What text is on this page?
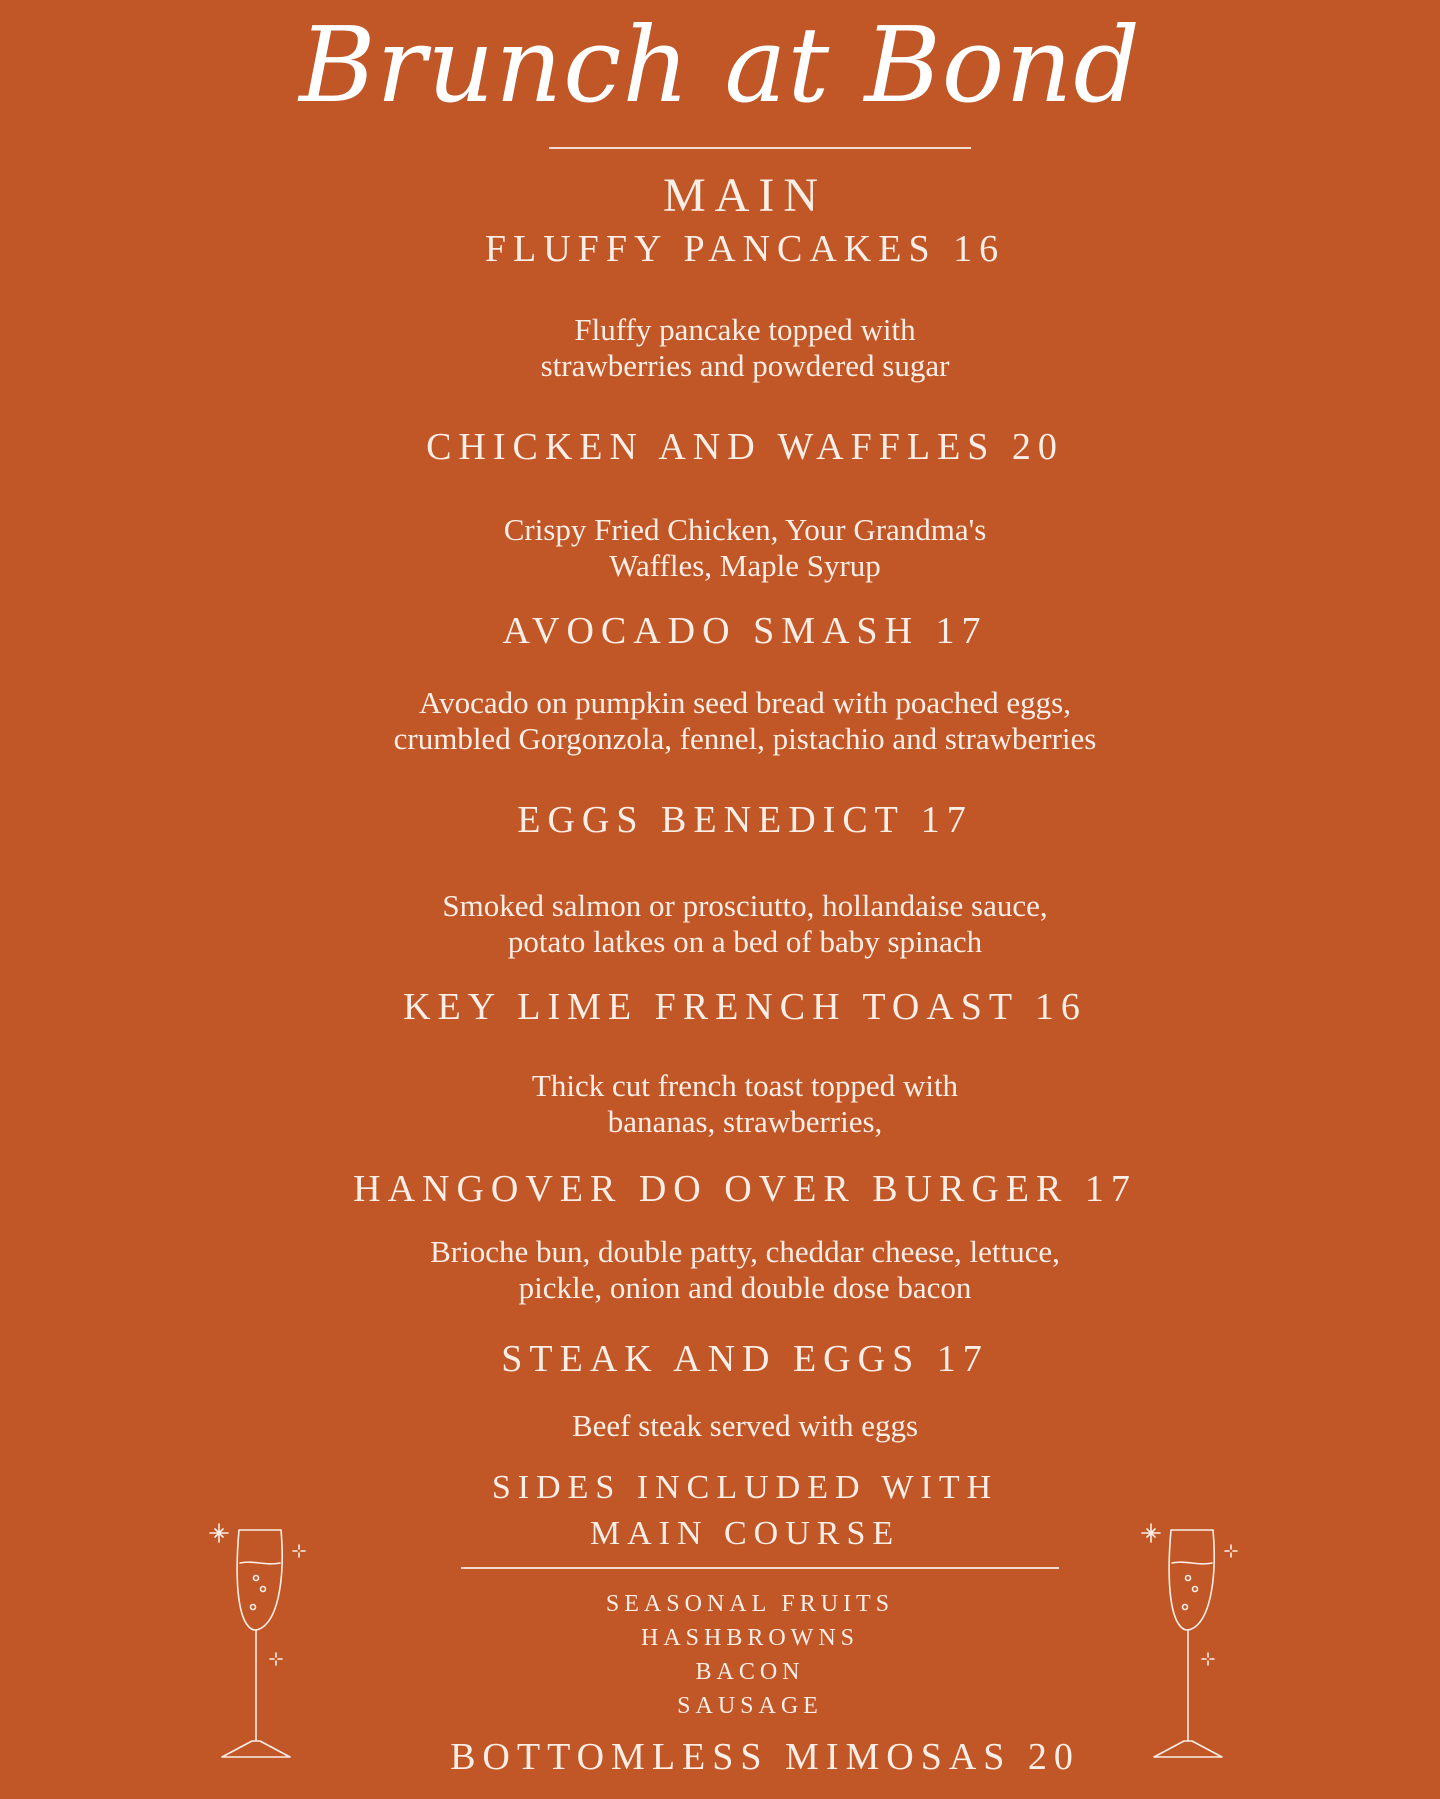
Brunch at Bond
MAIN
FLUFFY PANCAKES 16
Fluffy pancake topped with
strawberries and powdered sugar
CHICKEN AND WAFFLES 20
Crispy Fried Chicken, Your Grandma's
Waffles, Maple Syrup
AVOCADO SMASH 17
Avocado on pumpkin seed bread with poached eggs,
crumbled Gorgonzola, fennel, pistachio and strawberries
EGGS BENEDICT 17
Smoked salmon or prosciutto, hollandaise sauce,
potato latkes on a bed of baby spinach
KEY LIME FRENCH TOAST 16
Thick cut french toast topped with
bananas, strawberries,
HANGOVER DO OVER BURGER 17
Brioche bun, double patty, cheddar cheese, lettuce,
pickle, onion and double dose bacon
STEAK AND EGGS 17
Beef steak served with eggs
SIDES INCLUDED WITH
MAIN COURSE
SEASONAL FRUITS
HASHBROWNS
BACON
SAUSAGE
BOTTOMLESS MIMOSAS 20
